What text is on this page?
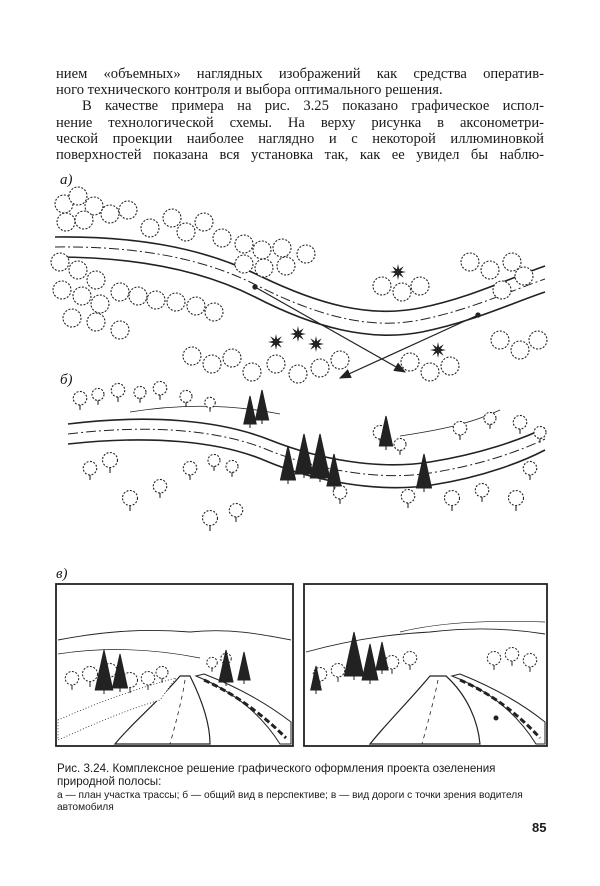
нием «объемных» наглядных изображений как средства оператив-
ного технического контроля и выбора оптимального решения.

В качестве примера на рис. 3.25 показано графическое испол-
нение технологической схемы. На верху рисунка в аксонометри-
ческой проекции наиболее наглядно и с некоторой иллюминовкой
поверхностей показана вся установка так, как ее увидел бы наблю-

а)
б)
в)
Рис. 3.24. Комплексное решение графического оформления проекта озеленения природной полосы:
а — план участка трассы; б — общий вид в перспективе; в — вид дороги с точки зрения водителя автомобиля
85
